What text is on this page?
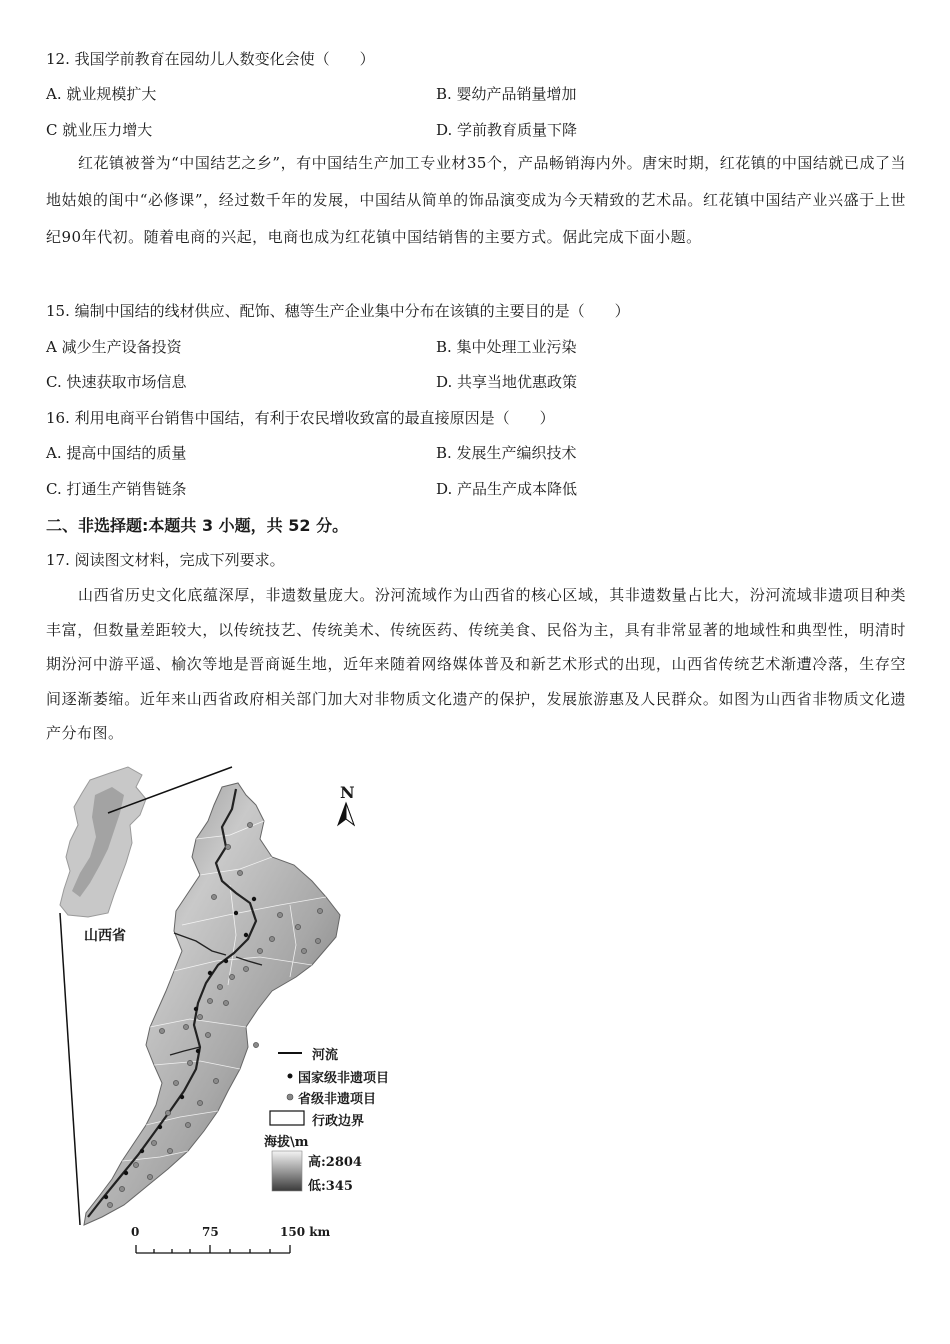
12. 我国学前教育在园幼儿人数变化会使（　　）
A. 就业规模扩大	B. 婴幼产品销量增加
C 就业压力增大	D. 学前教育质量下降
红花镇被誉为“中国结艺之乡”，有中国结生产加工专业材35个，产品畅销海内外。唐宋时期，红花镇的中国结就已成了当地姑娘的闺中“必修课”，经过数千年的发展，中国结从简单的饰品演变成为今天精致的艺术品。红花镇中国结产业兴盛于上世纪90年代初。随着电商的兴起，电商也成为红花镇中国结销售的主要方式。倨此完成下面小题。
15. 编制中国结的线材供应、配饰、穗等生产企业集中分布在该镇的主要目的是（　　）
A 减少生产设备投资	B. 集中处理工业污染
C. 快速获取市场信息	D. 共享当地优惠政策
16. 利用电商平台销售中国结，有利于农民增收致富的最直接原因是（　　）
A. 提高中国结的质量	B. 发展生产编织技术
C. 打通生产销售链条	D. 产品生产成本降低
二、非选择题:本题共 3 小题，共 52 分。
17. 阅读图文材料，完成下列要求。
山西省历史文化底蕴深厚，非遗数量庞大。汾河流域作为山西省的核心区域，其非遗数量占比大，汾河流域非遗项目种类丰富，但数量差距较大，以传统技艺、传统美术、传统医药、传统美食、民俗为主，具有非常显著的地域性和典型性，明清时期汾河中游平遥、榆次等地是晋商诞生地，近年来随着网络媒体普及和新艺术形式的出现，山西省传统艺术渐遭冷落，生存空间逐渐萎缩。近年来山西省政府相关部门加大对非物质文化遗产的保护，发展旅游惠及人民群众。如图为山西省非物质文化遗产分布图。
山西省
N
河流
国家级非遗项目
省级非遗项目
行政边界
海拔\m
高:2804
低:345
0	75	150 km
